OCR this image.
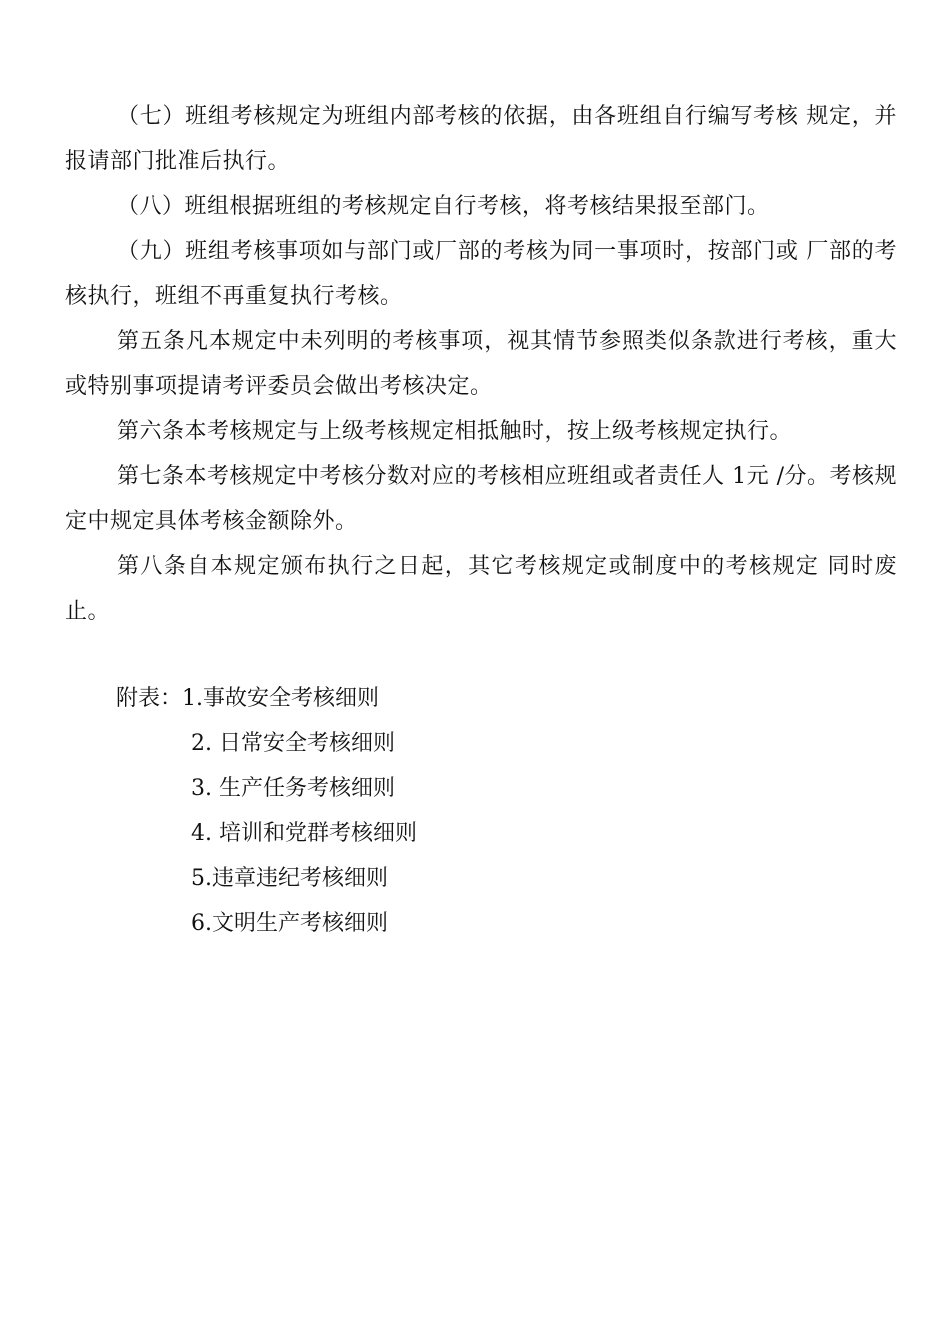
（七）班组考核规定为班组内部考核的依据，由各班组自行编写考核 规定，并报请部门批准后执行。

（八）班组根据班组的考核规定自行考核，将考核结果报至部门。

（九）班组考核事项如与部门或厂部的考核为同一事项时，按部门或 厂部的考核执行，班组不再重复执行考核。

第五条凡本规定中未列明的考核事项，视其情节参照类似条款进行考核，重大或特别事项提请考评委员会做出考核决定。

第六条本考核规定与上级考核规定相抵触时，按上级考核规定执行。

第七条本考核规定中考核分数对应的考核相应班组或者责任人 1元 /分。考核规定中规定具体考核金额除外。

第八条自本规定颁布执行之日起，其它考核规定或制度中的考核规定 同时废止。

附表： 1.事故安全考核细则
2. 日常安全考核细则
3. 生产任务考核细则
4. 培训和党群考核细则
5.违章违纪考核细则
6.文明生产考核细则
